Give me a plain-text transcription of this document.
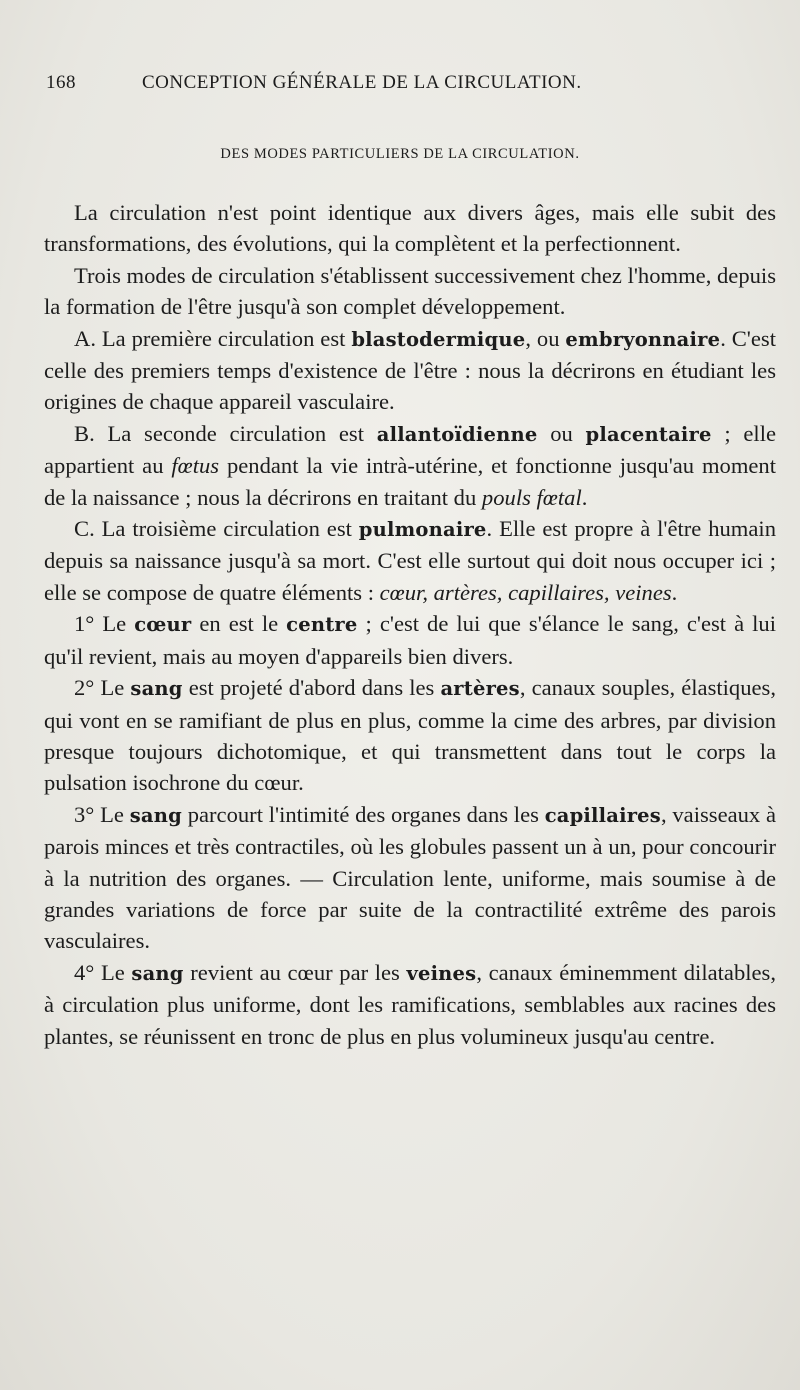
168	CONCEPTION GÉNÉRALE DE LA CIRCULATION.
DES MODES PARTICULIERS DE LA CIRCULATION.

La circulation n'est point identique aux divers âges, mais elle subit des transformations, des évolutions, qui la complètent et la perfectionnent.

Trois modes de circulation s'établissent successivement chez l'homme, depuis la formation de l'être jusqu'à son complet développement.

A. La première circulation est blastodermique, ou embryonnaire. C'est celle des premiers temps d'existence de l'être : nous la décrirons en étudiant les origines de chaque appareil vasculaire.

B. La seconde circulation est allantoïdienne ou placentaire ; elle appartient au fœtus pendant la vie intrà-utérine, et fonctionne jusqu'au moment de la naissance ; nous la décrirons en traitant du pouls fœtal.

C. La troisième circulation est pulmonaire. Elle est propre à l'être humain depuis sa naissance jusqu'à sa mort. C'est elle surtout qui doit nous occuper ici ; elle se compose de quatre éléments : cœur, artères, capillaires, veines.

1° Le cœur en est le centre ; c'est de lui que s'élance le sang, c'est à lui qu'il revient, mais au moyen d'appareils bien divers.

2° Le sang est projeté d'abord dans les artères, canaux souples, élastiques, qui vont en se ramifiant de plus en plus, comme la cime des arbres, par division presque toujours dichotomique, et qui transmettent dans tout le corps la pulsation isochrone du cœur.

3° Le sang parcourt l'intimité des organes dans les capillaires, vaisseaux à parois minces et très contractiles, où les globules passent un à un, pour concourir à la nutrition des organes. — Circulation lente, uniforme, mais soumise à de grandes variations de force par suite de la contractilité extrême des parois vasculaires.

4° Le sang revient au cœur par les veines, canaux éminemment dilatables, à circulation plus uniforme, dont les ramifications, semblables aux racines des plantes, se réunissent en tronc de plus en plus volumineux jusqu'au centre.
